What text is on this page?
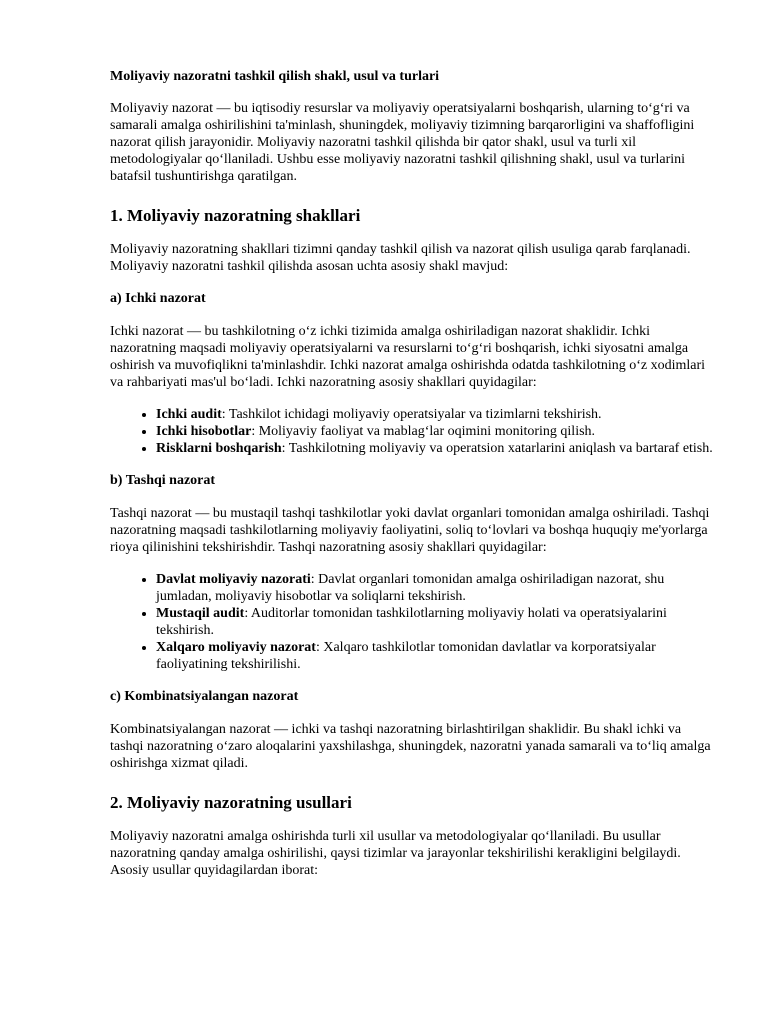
Moliyaviy nazoratni tashkil qilish shakl, usul va turlari

Moliyaviy nazorat — bu iqtisodiy resurslar va moliyaviy operatsiyalarni boshqarish, ularning to‘g‘ri va samarali amalga oshirilishini ta'minlash, shuningdek, moliyaviy tizimning barqarorligini va shaffofligini nazorat qilish jarayonidir. Moliyaviy nazoratni tashkil qilishda bir qator shakl, usul va turli xil metodologiyalar qo‘llaniladi. Ushbu esse moliyaviy nazoratni tashkil qilishning shakl, usul va turlarini batafsil tushuntirishga qaratilgan.

1. Moliyaviy nazoratning shakllari

Moliyaviy nazoratning shakllari tizimni qanday tashkil qilish va nazorat qilish usuliga qarab farqlanadi. Moliyaviy nazoratni tashkil qilishda asosan uchta asosiy shakl mavjud:

a) Ichki nazorat

Ichki nazorat — bu tashkilotning o‘z ichki tizimida amalga oshiriladigan nazorat shaklidir. Ichki nazoratning maqsadi moliyaviy operatsiyalarni va resurslarni to‘g‘ri boshqarish, ichki siyosatni amalga oshirish va muvofiqlikni ta'minlashdir. Ichki nazorat amalga oshirishda odatda tashkilotning o‘z xodimlari va rahbariyati mas'ul bo‘ladi. Ichki nazoratning asosiy shakllari quyidagilar:

• Ichki audit: Tashkilot ichidagi moliyaviy operatsiyalar va tizimlarni tekshirish.
• Ichki hisobotlar: Moliyaviy faoliyat va mablag‘lar oqimini monitoring qilish.
• Risklarni boshqarish: Tashkilotning moliyaviy va operatsion xatarlarini aniqlash va bartaraf etish.
b) Tashqi nazorat

Tashqi nazorat — bu mustaqil tashqi tashkilotlar yoki davlat organlari tomonidan amalga oshiriladi. Tashqi nazoratning maqsadi tashkilotlarning moliyaviy faoliyatini, soliq to‘lovlari va boshqa huquqiy me'yorlarga rioya qilinishini tekshirishdir. Tashqi nazoratning asosiy shakllari quyidagilar:

• Davlat moliyaviy nazorati: Davlat organlari tomonidan amalga oshiriladigan nazorat, shu jumladan, moliyaviy hisobotlar va soliqlarni tekshirish.
• Mustaqil audit: Auditorlar tomonidan tashkilotlarning moliyaviy holati va operatsiyalarini tekshirish.
• Xalqaro moliyaviy nazorat: Xalqaro tashkilotlar tomonidan davlatlar va korporatsiyalar faoliyatining tekshirilishi.
c) Kombinatsiyalangan nazorat

Kombinatsiyalangan nazorat — ichki va tashqi nazoratning birlashtirilgan shaklidir. Bu shakl ichki va tashqi nazoratning o‘zaro aloqalarini yaxshilashga, shuningdek, nazoratni yanada samarali va to‘liq amalga oshirishga xizmat qiladi.

2. Moliyaviy nazoratning usullari

Moliyaviy nazoratni amalga oshirishda turli xil usullar va metodologiyalar qo‘llaniladi. Bu usullar nazoratning qanday amalga oshirilishi, qaysi tizimlar va jarayonlar tekshirilishi kerakligini belgilaydi. Asosiy usullar quyidagilardan iborat:
